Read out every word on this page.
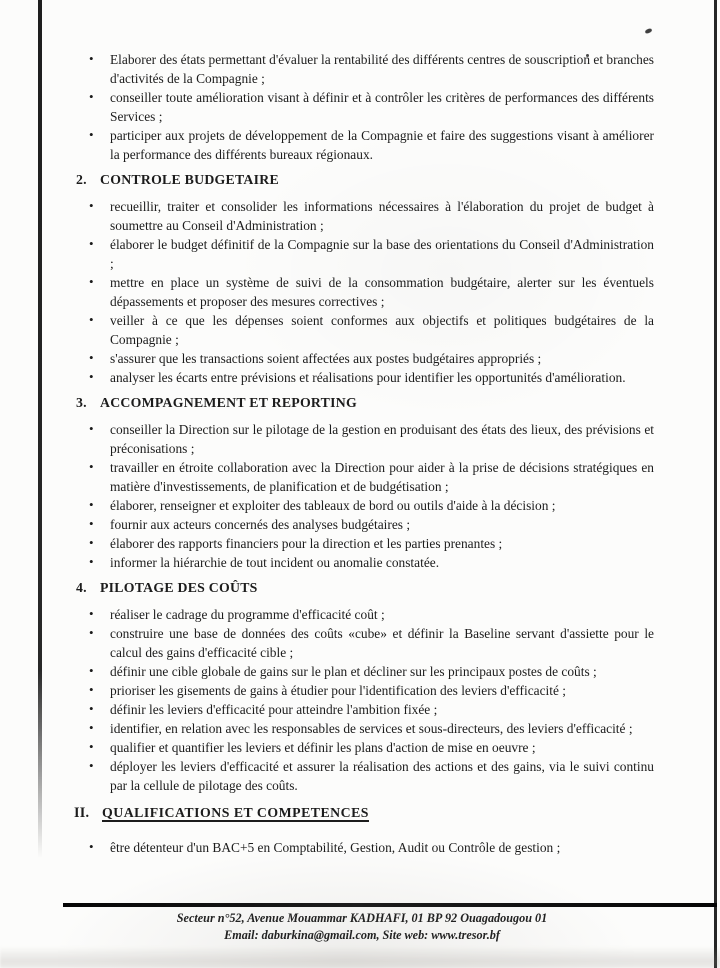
• Elaborer des états permettant d'évaluer la rentabilité des différents centres de souscription et branches d'activités de la Compagnie ;
• conseiller toute amélioration visant à définir et à contrôler les critères de performances des différents Services ;
• participer aux projets de développement de la Compagnie et faire des suggestions visant à améliorer la performance des différents bureaux régionaux.
2. CONTROLE BUDGETAIRE
• recueillir, traiter et consolider les informations nécessaires à l'élaboration du projet de budget à soumettre au Conseil d'Administration ;
• élaborer le budget définitif de la Compagnie sur la base des orientations du Conseil d'Administration ;
• mettre en place un système de suivi de la consommation budgétaire, alerter sur les éventuels dépassements et proposer des mesures correctives ;
• veiller à ce que les dépenses soient conformes aux objectifs et politiques budgétaires de la Compagnie ;
• s'assurer que les transactions soient affectées aux postes budgétaires appropriés ;
• analyser les écarts entre prévisions et réalisations pour identifier les opportunités d'amélioration.
3. ACCOMPAGNEMENT ET REPORTING
• conseiller la Direction sur le pilotage de la gestion en produisant des états des lieux, des prévisions et préconisations ;
• travailler en étroite collaboration avec la Direction pour aider à la prise de décisions stratégiques en matière d'investissements, de planification et de budgétisation ;
• élaborer, renseigner et exploiter des tableaux de bord ou outils d'aide à la décision ;
• fournir aux acteurs concernés des analyses budgétaires ;
• élaborer des rapports financiers pour la direction et les parties prenantes ;
• informer la hiérarchie de tout incident ou anomalie constatée.
4. PILOTAGE DES COÛTS
• réaliser le cadrage du programme d'efficacité coût ;
• construire une base de données des coûts «cube» et définir la Baseline servant d'assiette pour le calcul des gains d'efficacité cible ;
• définir une cible globale de gains sur le plan et décliner sur les principaux postes de coûts ;
• prioriser les gisements de gains à étudier pour l'identification des leviers d'efficacité ;
• définir les leviers d'efficacité pour atteindre l'ambition fixée ;
• identifier, en relation avec les responsables de services et sous-directeurs, des leviers d'efficacité ;
• qualifier et quantifier les leviers et définir les plans d'action de mise en oeuvre ;
• déployer les leviers d'efficacité et assurer la réalisation des actions et des gains, via le suivi continu par la cellule de pilotage des coûts.
II. QUALIFICATIONS ET COMPETENCES
• être détenteur d'un BAC+5 en Comptabilité, Gestion, Audit ou Contrôle de gestion ;
Secteur n°52, Avenue Mouammar KADHAFI, 01 BP 92 Ouagadougou 01
Email: daburkina@gmail.com, Site web: www.tresor.bf
